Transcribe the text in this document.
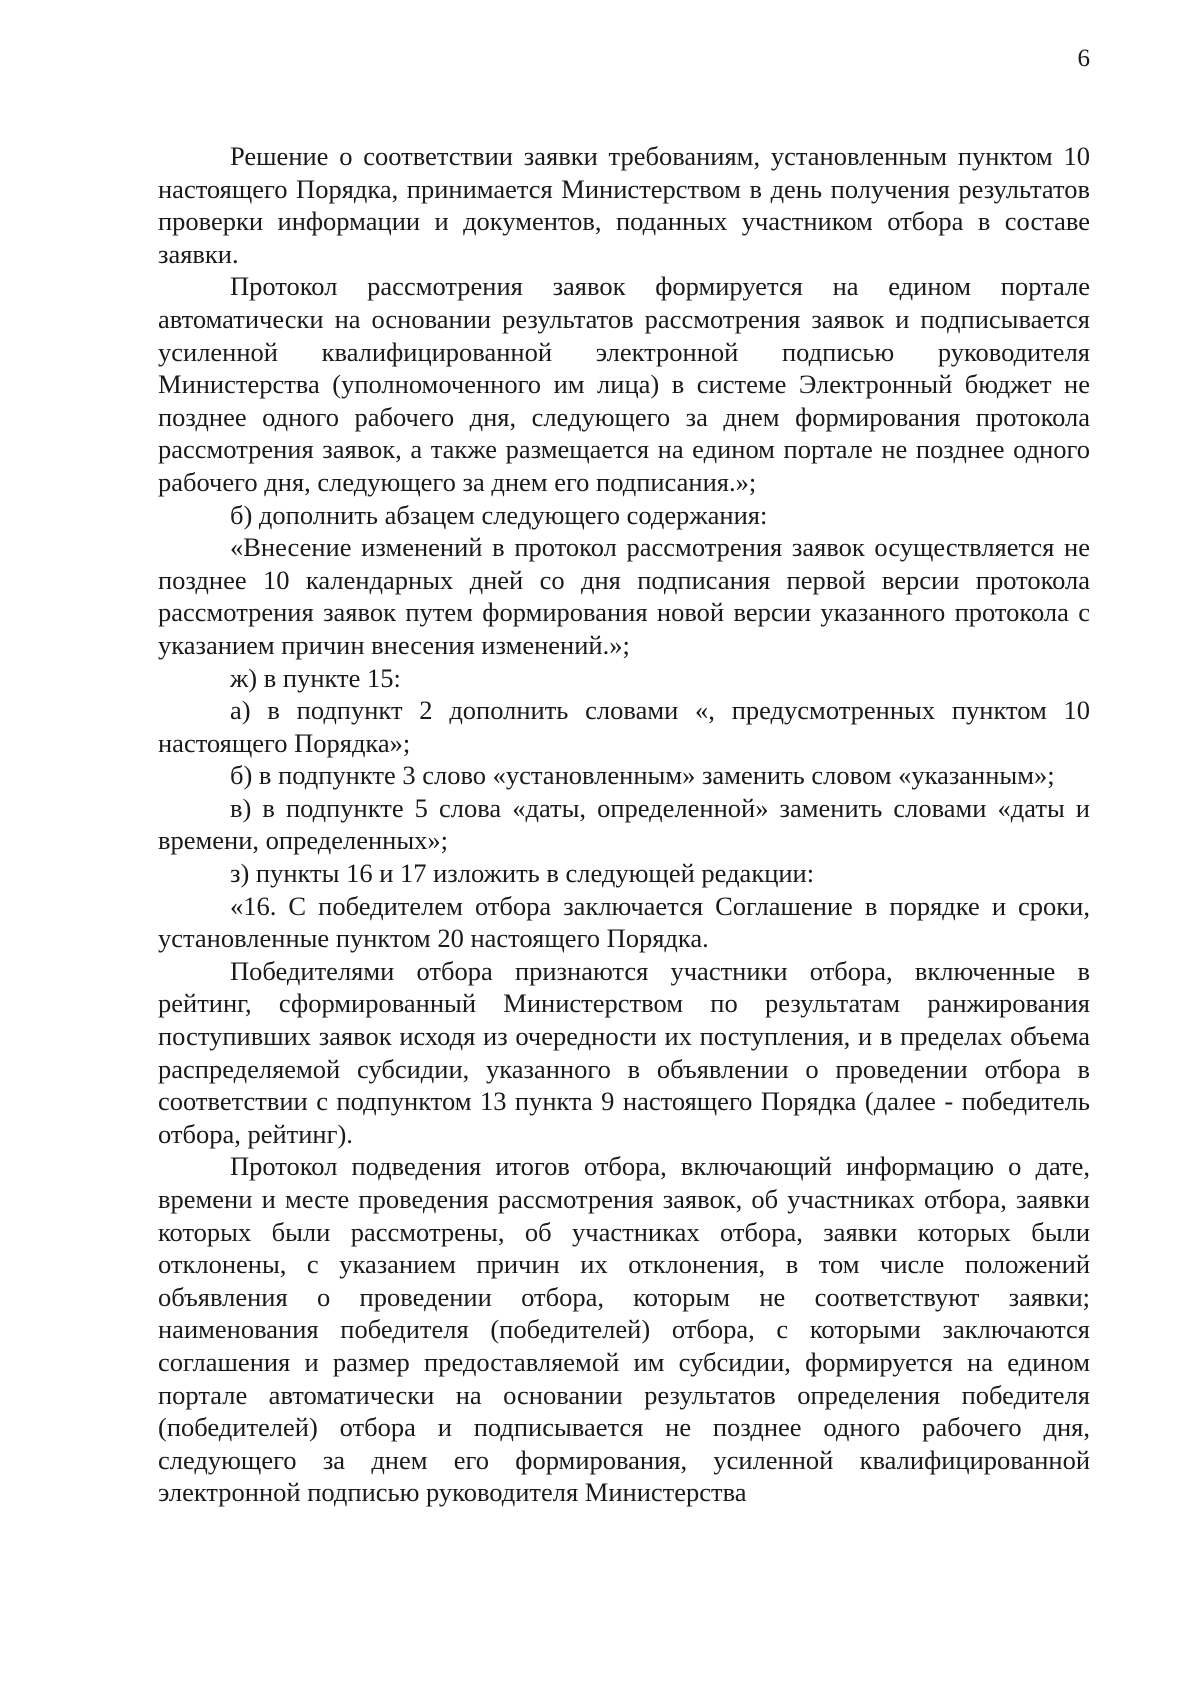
6

Решение о соответствии заявки требованиям, установленным пунктом 10 настоящего Порядка, принимается Министерством в день получения результатов проверки информации и документов, поданных участником отбора в составе заявки.

Протокол рассмотрения заявок формируется на едином портале автоматически на основании результатов рассмотрения заявок и подписывается усиленной квалифицированной электронной подписью руководителя Министерства (уполномоченного им лица) в системе Электронный бюджет не позднее одного рабочего дня, следующего за днем формирования протокола рассмотрения заявок, а также размещается на едином портале не позднее одного рабочего дня, следующего за днем его подписания.»;

б) дополнить абзацем следующего содержания:

«Внесение изменений в протокол рассмотрения заявок осуществляется не позднее 10 календарных дней со дня подписания первой версии протокола рассмотрения заявок путем формирования новой версии указанного протокола с указанием причин внесения изменений.»;

ж) в пункте 15:

а) в подпункт 2 дополнить словами «, предусмотренных пунктом 10 настоящего Порядка»;

б) в подпункте 3 слово «установленным» заменить словом «указанным»;

в) в подпункте 5 слова «даты, определенной» заменить словами «даты и времени, определенных»;

з) пункты 16 и 17 изложить в следующей редакции:

«16. С победителем отбора заключается Соглашение в порядке и сроки, установленные пунктом 20 настоящего Порядка.

Победителями отбора признаются участники отбора, включенные в рейтинг, сформированный Министерством по результатам ранжирования поступивших заявок исходя из очередности их поступления, и в пределах объема распределяемой субсидии, указанного в объявлении о проведении отбора в соответствии с подпунктом 13 пункта 9 настоящего Порядка (далее - победитель отбора, рейтинг).

Протокол подведения итогов отбора, включающий информацию о дате, времени и месте проведения рассмотрения заявок, об участниках отбора, заявки которых были рассмотрены, об участниках отбора, заявки которых были отклонены, с указанием причин их отклонения, в том числе положений объявления о проведении отбора, которым не соответствуют заявки; наименования победителя (победителей) отбора, с которыми заключаются соглашения и размер предоставляемой им субсидии, формируется на едином портале автоматически на основании результатов определения победителя (победителей) отбора и подписывается не позднее одного рабочего дня, следующего за днем его формирования, усиленной квалифицированной электронной подписью руководителя Министерства
